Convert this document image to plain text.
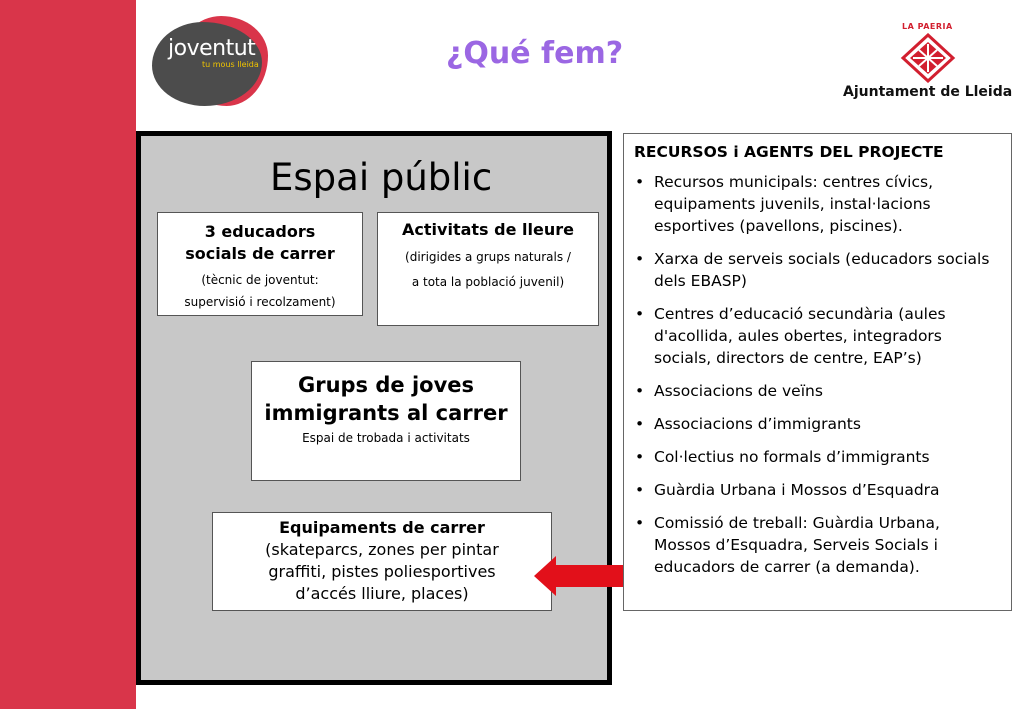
joventut
tu mous lleida	¿Qué fem?
LA PAERIA
Ajuntament de Lleida
Espai públic
3 educadors socials de carrer
(tècnic de joventut:
supervisió i recolzament)
Activitats de lleure
(dirigides a grups naturals /
a tota la població juvenil)
Grups de joves immigrants al carrer
Espai de trobada i activitats
Equipaments de carrer
(skateparcs, zones per pintar graffiti, pistes poliesportives d’accés lliure, places)
RECURSOS i AGENTS DEL PROJECTE
• Recursos municipals: centres cívics, equipaments juvenils, instal·lacions esportives (pavellons, piscines).
• Xarxa de serveis socials (educadors socials dels EBASP)
• Centres d’educació secundària (aules d'acollida, aules obertes, integradors socials, directors de centre, EAP’s)
• Associacions de veïns
• Associacions d’immigrants
• Col·lectius no formals d’immigrants
• Guàrdia Urbana i Mossos d’Esquadra
• Comissió de treball: Guàrdia Urbana, Mossos d’Esquadra, Serveis Socials i educadors de carrer (a demanda).
